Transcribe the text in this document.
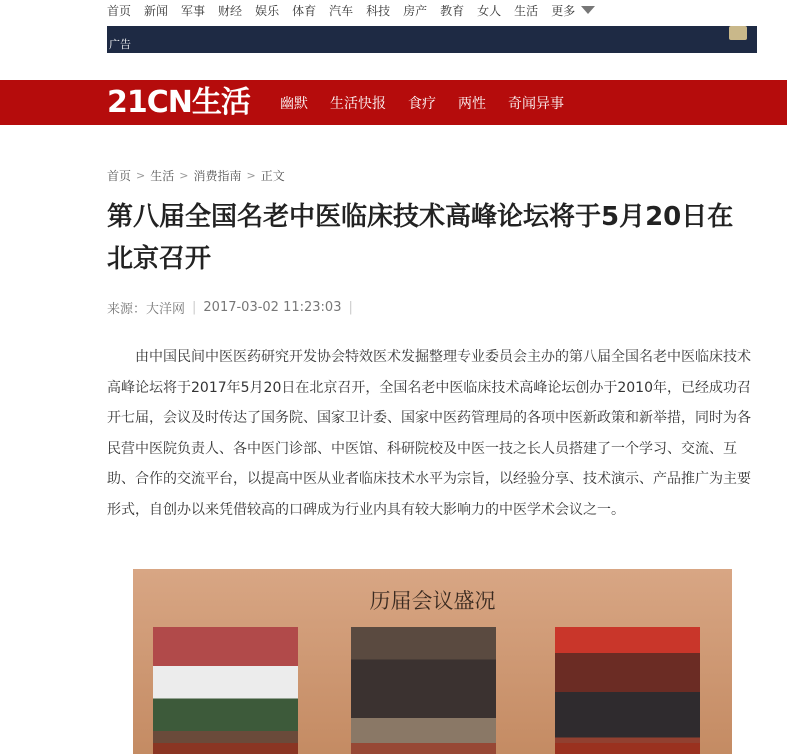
首页 新闻 军事 财经 娱乐 体育 汽车 科技 房产 教育 女人 生活 更多
广告
21CN生活 幽默 生活快报 食疗 两性 奇闻异事
首页 > 生活 > 消费指南 > 正文
第八届全国名老中医临床技术高峰论坛将于5月20日在北京召开
来源：大洋网 | 2017-03-02 11:23:03 |

由中国民间中医医药研究开发协会特效医术发掘整理专业委员会主办的第八届全国名老中医临床技术高峰论坛将于2017年5月20日在北京召开，全国名老中医临床技术高峰论坛创办于2010年，已经成功召开七届，会议及时传达了国务院、国家卫计委、国家中医药管理局的各项中医新政策和新举措，同时为各民营中医院负责人、各中医门诊部、中医馆、科研院校及中医一技之长人员搭建了一个学习、交流、互助、合作的交流平台，以提高中医从业者临床技术水平为宗旨，以经验分享、技术演示、产品推广为主要形式，自创办以来凭借较高的口碑成为行业内具有较大影响力的中医学术会议之一。

历届会议盛况
